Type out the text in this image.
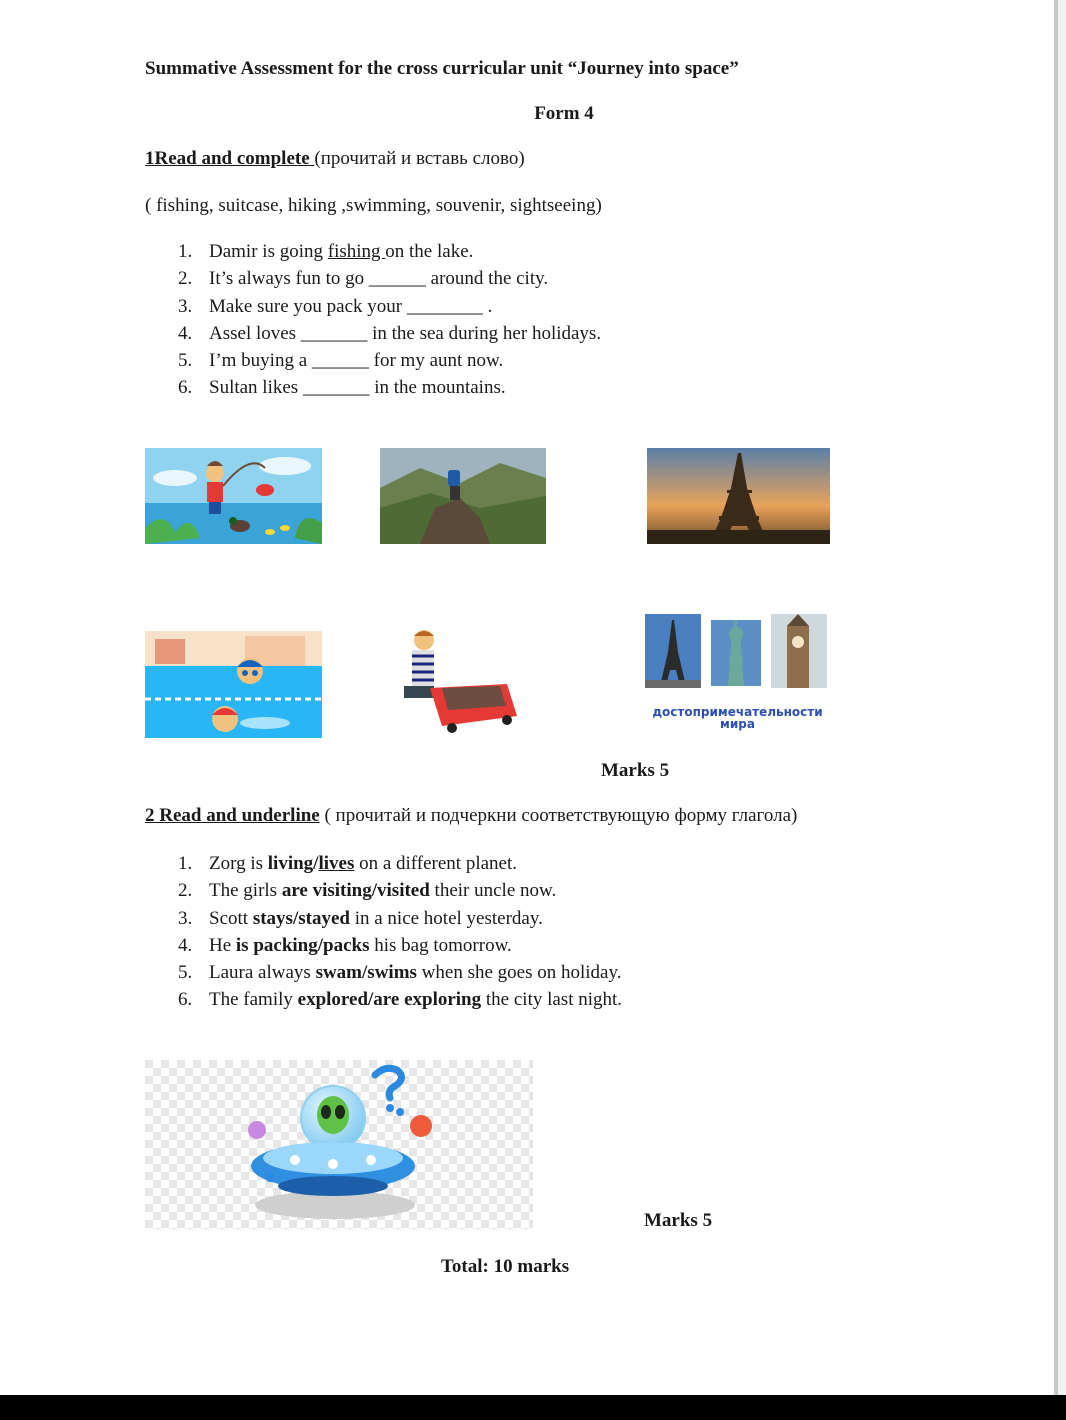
Summative Assessment for the cross curricular unit “Journey into space”
Form 4
1Read and complete (прочитай и вставь слово)
( fishing, suitcase, hiking ,swimming, souvenir, sightseeing)
1. Damir is going fishing on the lake.
2. It’s always fun to go ______ around the city.
3. Make sure you pack your ________ .
4. Assel loves _______ in the sea during her holidays.
5. I’m buying a ______ for my aunt now.
6. Sultan likes _______ in the mountains.
достопримечательности
мира
Marks 5
2 Read and underline ( прочитай и подчеркни соответствующую форму глагола)
1. Zorg is living/lives on a different planet.
2. The girls are visiting/visited their uncle now.
3. Scott stays/stayed in a nice hotel yesterday.
4. He is packing/packs his bag tomorrow.
5. Laura always swam/swims when she goes on holiday.
6. The family explored/are exploring the city last night.
Marks 5
Total: 10 marks
